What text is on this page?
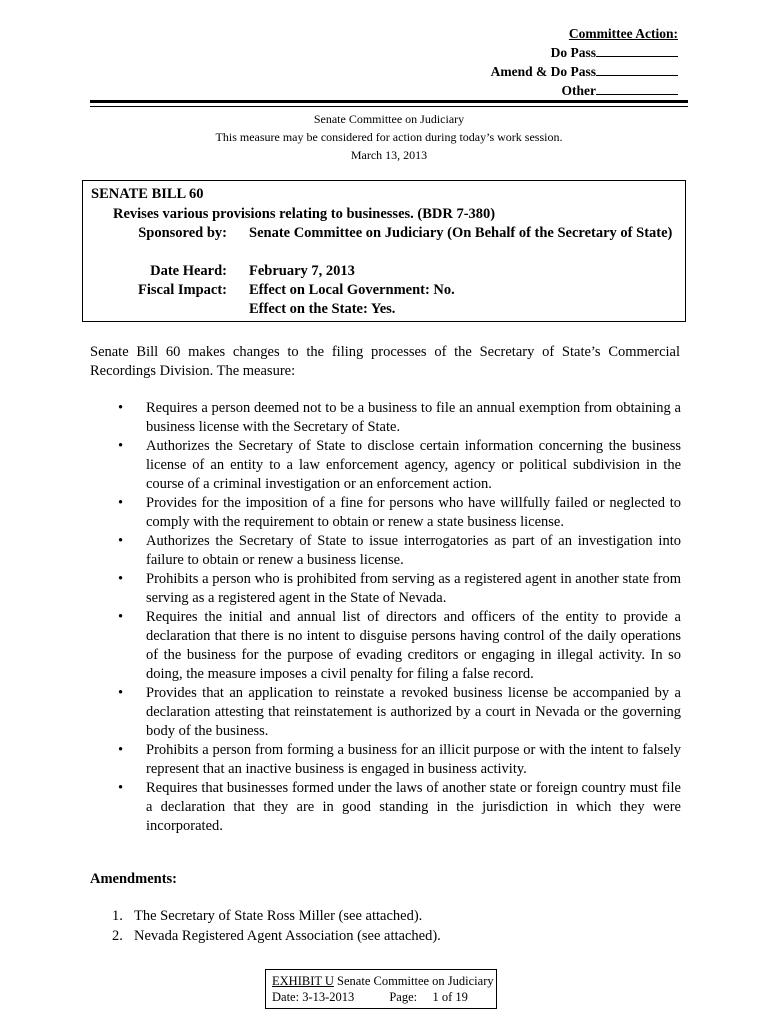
Committee Action:
Do Pass
Amend & Do Pass
Other
Senate Committee on Judiciary
This measure may be considered for action during today’s work session.
March 13, 2013
SENATE BILL 60
Revises various provisions relating to businesses. (BDR 7-380)
Sponsored by: Senate Committee on Judiciary (On Behalf of the Secretary of State)
Date Heard: February 7, 2013
Fiscal Impact: Effect on Local Government: No.
Effect on the State: Yes.
Senate Bill 60 makes changes to the filing processes of the Secretary of State’s Commercial Recordings Division. The measure:
• Requires a person deemed not to be a business to file an annual exemption from obtaining a business license with the Secretary of State.
• Authorizes the Secretary of State to disclose certain information concerning the business license of an entity to a law enforcement agency, agency or political subdivision in the course of a criminal investigation or an enforcement action.
• Provides for the imposition of a fine for persons who have willfully failed or neglected to comply with the requirement to obtain or renew a state business license.
• Authorizes the Secretary of State to issue interrogatories as part of an investigation into failure to obtain or renew a business license.
• Prohibits a person who is prohibited from serving as a registered agent in another state from serving as a registered agent in the State of Nevada.
• Requires the initial and annual list of directors and officers of the entity to provide a declaration that there is no intent to disguise persons having control of the daily operations of the business for the purpose of evading creditors or engaging in illegal activity. In so doing, the measure imposes a civil penalty for filing a false record.
• Provides that an application to reinstate a revoked business license be accompanied by a declaration attesting that reinstatement is authorized by a court in Nevada or the governing body of the business.
• Prohibits a person from forming a business for an illicit purpose or with the intent to falsely represent that an inactive business is engaged in business activity.
• Requires that businesses formed under the laws of another state or foreign country must file a declaration that they are in good standing in the jurisdiction in which they were incorporated.
Amendments:
1. The Secretary of State Ross Miller (see attached).
2. Nevada Registered Agent Association (see attached).
EXHIBIT U Senate Committee on Judiciary
Date: 3-13-2013	Page: 1 of 19
